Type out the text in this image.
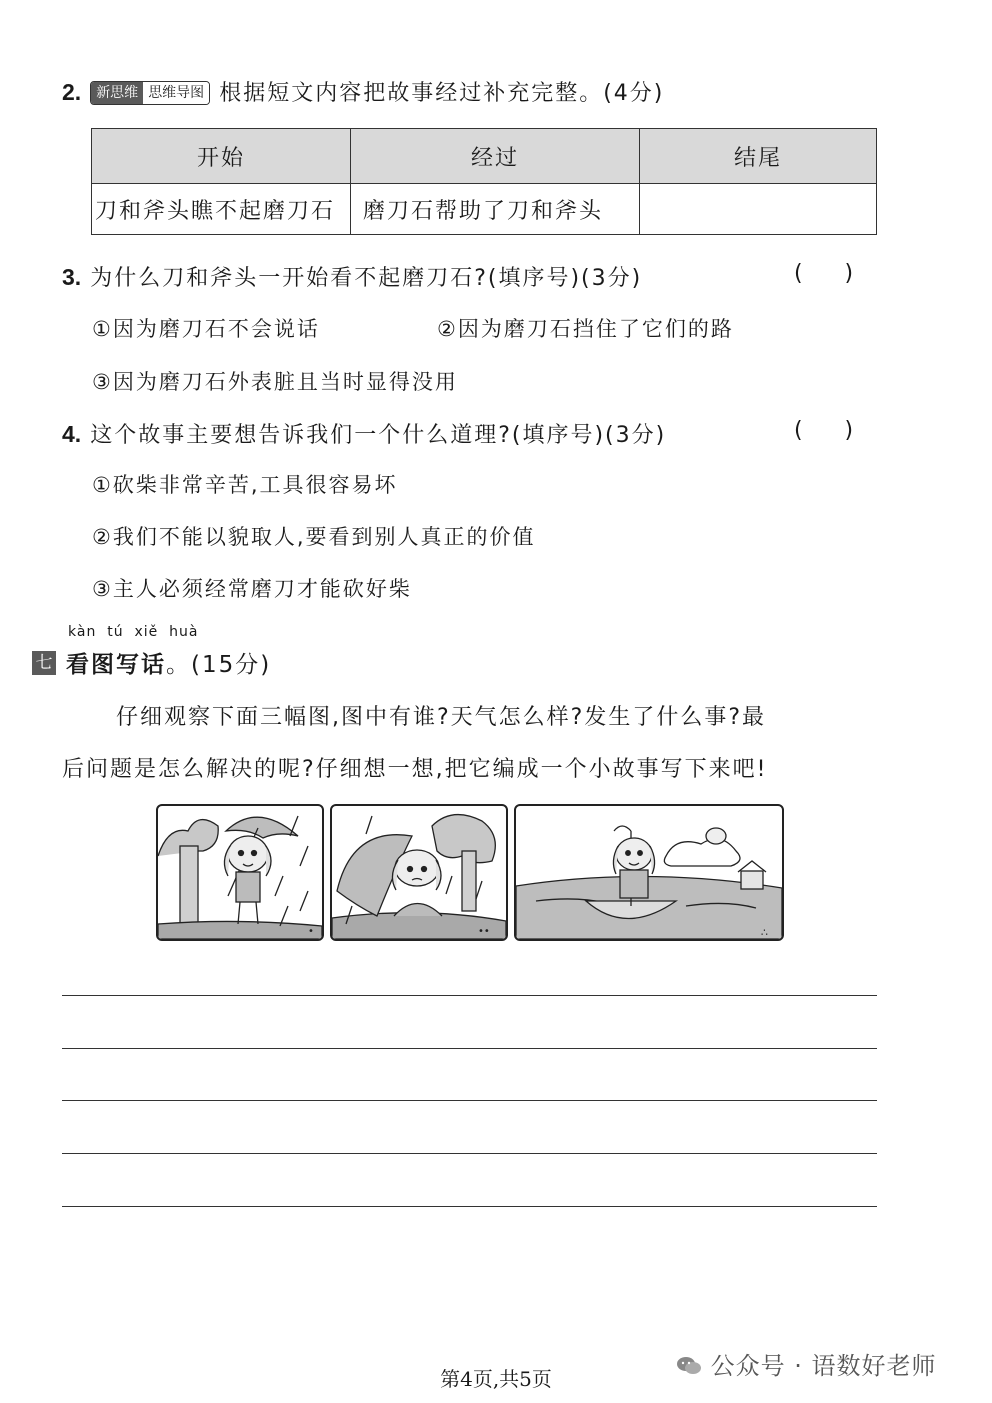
2.	新思维 思维导图 根据短文内容把故事经过补充完整。(4分)
开始	经过	结尾
刀和斧头瞧不起磨刀石	磨刀石帮助了刀和斧头	
3. 为什么刀和斧头一开始看不起磨刀石?(填序号)(3分)	(      )
①因为磨刀石不会说话	②因为磨刀石挡住了它们的路
③因为磨刀石外表脏且当时显得没用
4. 这个故事主要想告诉我们一个什么道理?(填序号)(3分)	(      )
①砍柴非常辛苦,工具很容易坏
②我们不能以貌取人,要看到别人真正的价值
③主人必须经常磨刀才能砍好柴
kàn  tú  xiě  huà
七 看图写话。(15分)
仔细观察下面三幅图,图中有谁?天气怎么样?发生了什么事?最
后问题是怎么解决的呢?仔细想一想,把它编成一个小故事写下来吧!
•	••	∴
第4页,共5页	公众号 · 语数好老师
